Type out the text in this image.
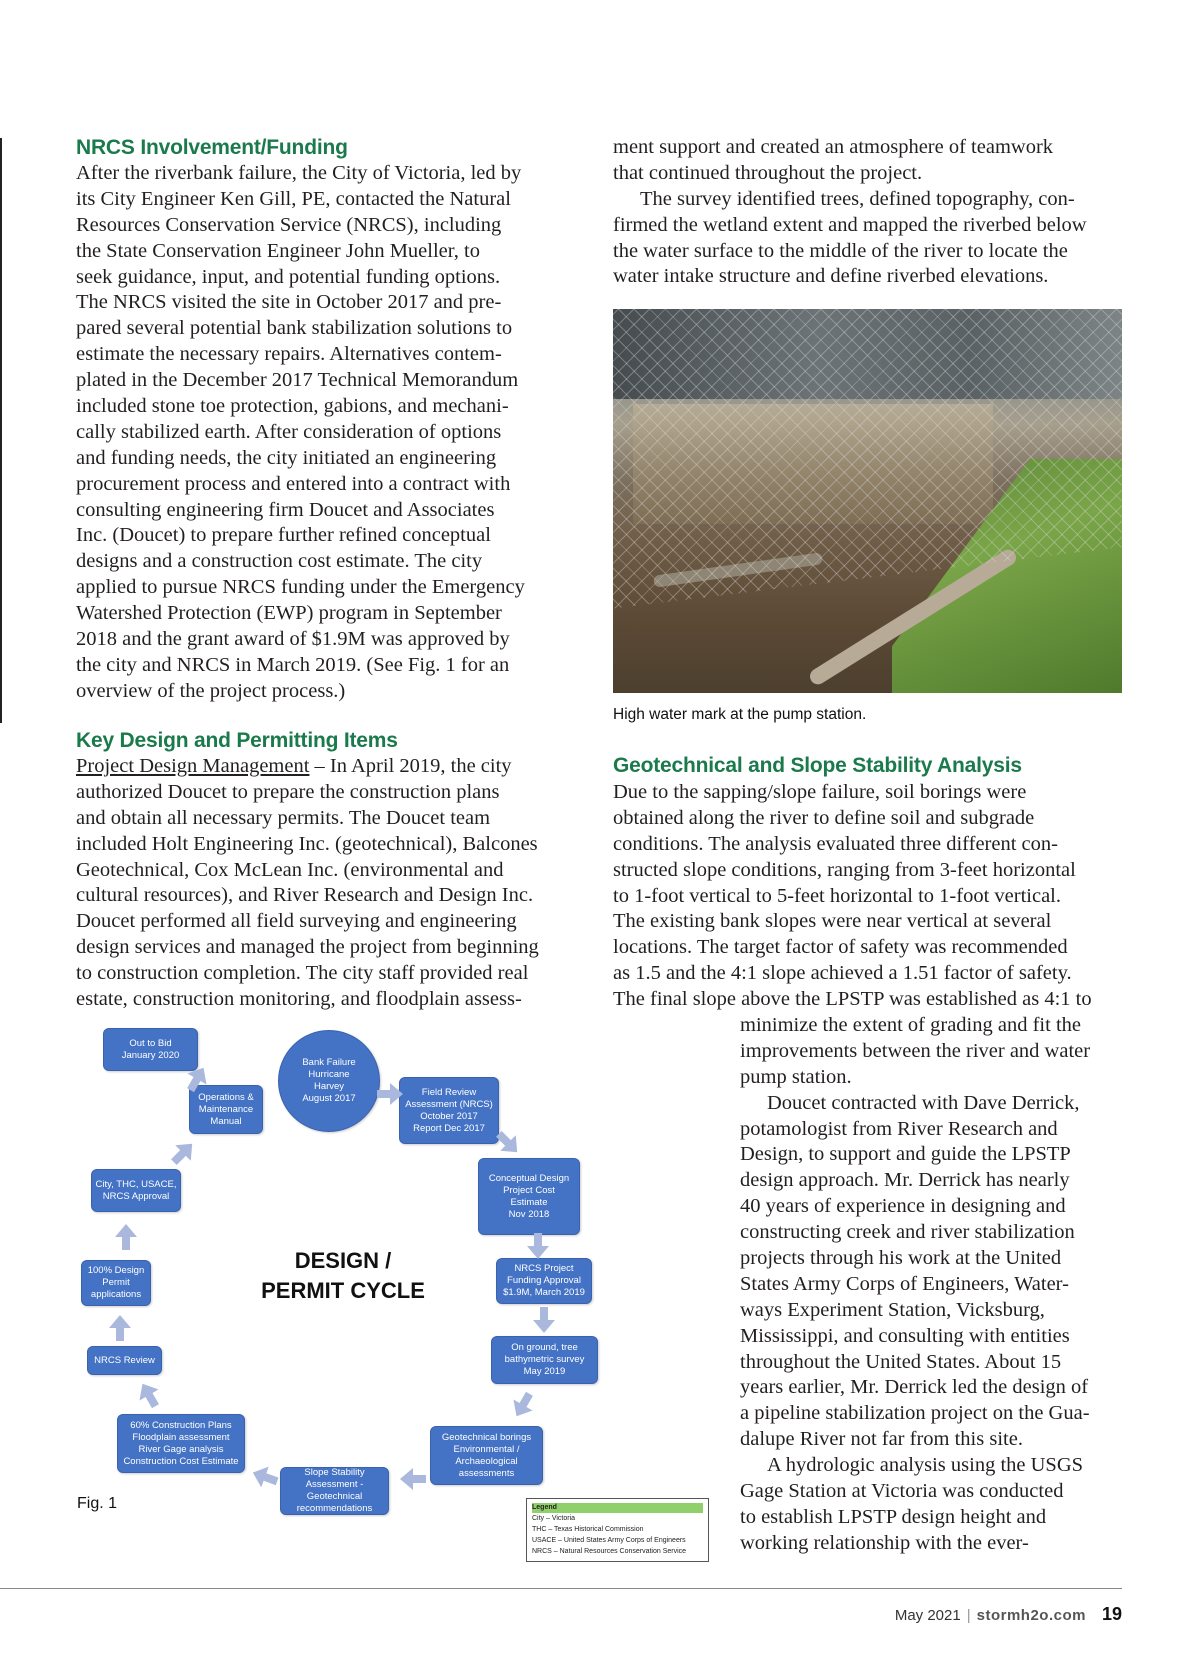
NRCS Involvement/Funding
After the riverbank failure, the City of Victoria, led by
its City Engineer Ken Gill, PE, contacted the Natural
Resources Conservation Service (NRCS), including
the State Conservation Engineer John Mueller, to
seek guidance, input, and potential funding options.
The NRCS visited the site in October 2017 and pre-
pared several potential bank stabilization solutions to
estimate the necessary repairs. Alternatives contem-
plated in the December 2017 Technical Memorandum
included stone toe protection, gabions, and mechani-
cally stabilized earth. After consideration of options
and funding needs, the city initiated an engineering
procurement process and entered into a contract with
consulting engineering firm Doucet and Associates
Inc. (Doucet) to prepare further refined conceptual
designs and a construction cost estimate. The city
applied to pursue NRCS funding under the Emergency
Watershed Protection (EWP) program in September
2018 and the grant award of $1.9M was approved by
the city and NRCS in March 2019. (See Fig. 1 for an
overview of the project process.)
Key Design and Permitting Items
Project Design Management – In April 2019, the city
authorized Doucet to prepare the construction plans
and obtain all necessary permits. The Doucet team
included Holt Engineering Inc. (geotechnical), Balcones
Geotechnical, Cox McLean Inc. (environmental and
cultural resources), and River Research and Design Inc.
Doucet performed all field surveying and engineering
design services and managed the project from beginning
to construction completion. The city staff provided real
estate, construction monitoring, and floodplain assess-
DESIGN /
PERMIT CYCLE
Out to Bid
January 2020
Bank Failure
Hurricane
Harvey
August 2017
Operations &
Maintenance
Manual
Field Review
Assessment (NRCS)
October 2017
Report Dec 2017
City, THC, USACE,
NRCS Approval
Conceptual Design
Project Cost
Estimate
Nov 2018
100% Design
Permit
applications
NRCS Project
Funding Approval
$1.9M, March 2019
On ground, tree
bathymetric survey
May 2019
NRCS Review
60% Construction Plans
Floodplain assessment
River Gage analysis
Construction Cost Estimate
Geotechnical borings
Environmental /
Archaeological
assessments
Slope Stability
Assessment -
Geotechnical
recommendations
Fig. 1	Legend
City – Victoria
THC – Texas Historical Commission
USACE – United States Army Corps of Engineers
NRCS – Natural Resources Conservation Service
ment support and created an atmosphere of teamwork
that continued throughout the project.
The survey identified trees, defined topography, con-
firmed the wetland extent and mapped the riverbed below
the water surface to the middle of the river to locate the
water intake structure and define riverbed elevations.
High water mark at the pump station.
Geotechnical and Slope Stability Analysis
Due to the sapping/slope failure, soil borings were
obtained along the river to define soil and subgrade
conditions. The analysis evaluated three different con-
structed slope conditions, ranging from 3-feet horizontal
to 1-foot vertical to 5-feet horizontal to 1-foot vertical.
The existing bank slopes were near vertical at several
locations. The target factor of safety was recommended
as 1.5 and the 4:1 slope achieved a 1.51 factor of safety.
The final slope above the LPSTP was established as 4:1 to
minimize the extent of grading and fit the
improvements between the river and water
pump station.
Doucet contracted with Dave Derrick,
potamologist from River Research and
Design, to support and guide the LPSTP
design approach. Mr. Derrick has nearly
40 years of experience in designing and
constructing creek and river stabilization
projects through his work at the United
States Army Corps of Engineers, Water-
ways Experiment Station, Vicksburg,
Mississippi, and consulting with entities
throughout the United States. About 15
years earlier, Mr. Derrick led the design of
a pipeline stabilization project on the Gua-
dalupe River not far from this site.
A hydrologic analysis using the USGS
Gage Station at Victoria was conducted
to establish LPSTP design height and
working relationship with the ever-
May 2021 | stormh2o.com 19
